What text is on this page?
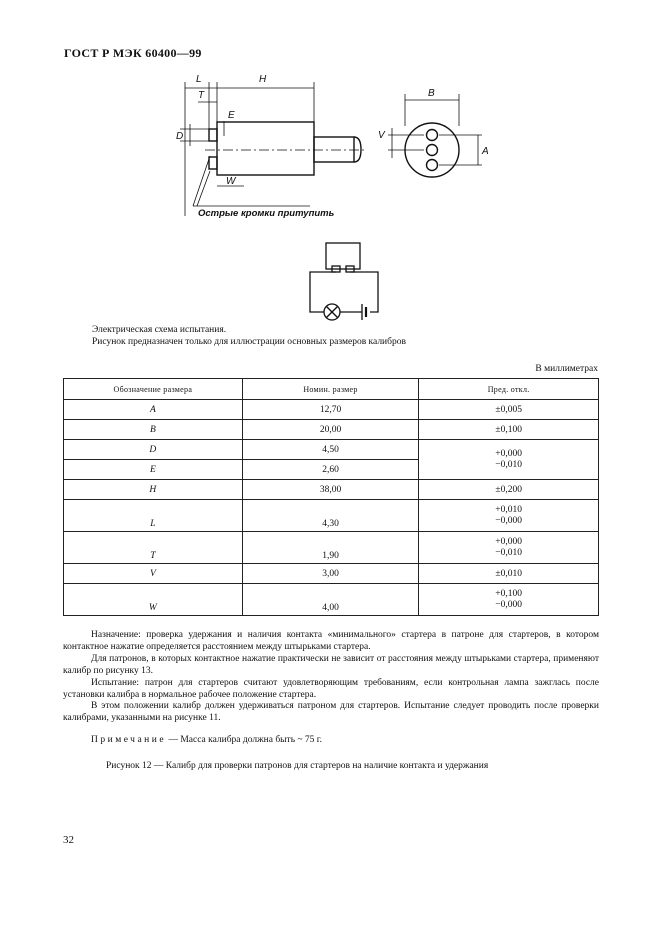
ГОСТ Р МЭК 60400—99
L	H
T	B
D
E
V
A
W
Острые кромки притупить
Электрическая схема испытания.
Рисунок предназначен только для иллюстрации основных размеров калибров
В миллиметрах
Обозначение размера	Номин. размер	Пред. откл.
A	12,70	±0,005
B	20,00	±0,100
D	4,50	+0,000
−0,010

E	2,60	
H	38,00	±0,200
L	4,30	+0,010
−0,000

T	1,90	+0,000
−0,010

V	3,00	±0,010
W	4,00	+0,100
−0,000
Назначение: проверка удержания и наличия контакта «минимального» стартера в патроне для стартеров, в котором контактное нажатие определяется расстоянием между штырьками стартера.
Для патронов, в которых контактное нажатие практически не зависит от расстояния между штырьками стартера, применяют калибр по рисунку 13.
Испытание: патрон для стартеров считают удовлетворяющим требованиям, если контрольная лампа зажглась после установки калибра в нормальное рабочее положение стартера.
В этом положении калибр должен удерживаться патроном для стартеров. Испытание следует проводить после проверки калибрами, указанными на рисунке 11.
Примечание — Масса калибра должна быть ~ 75 г.
Рисунок 12 — Калибр для проверки патронов для стартеров на наличие контакта и удержания
32
